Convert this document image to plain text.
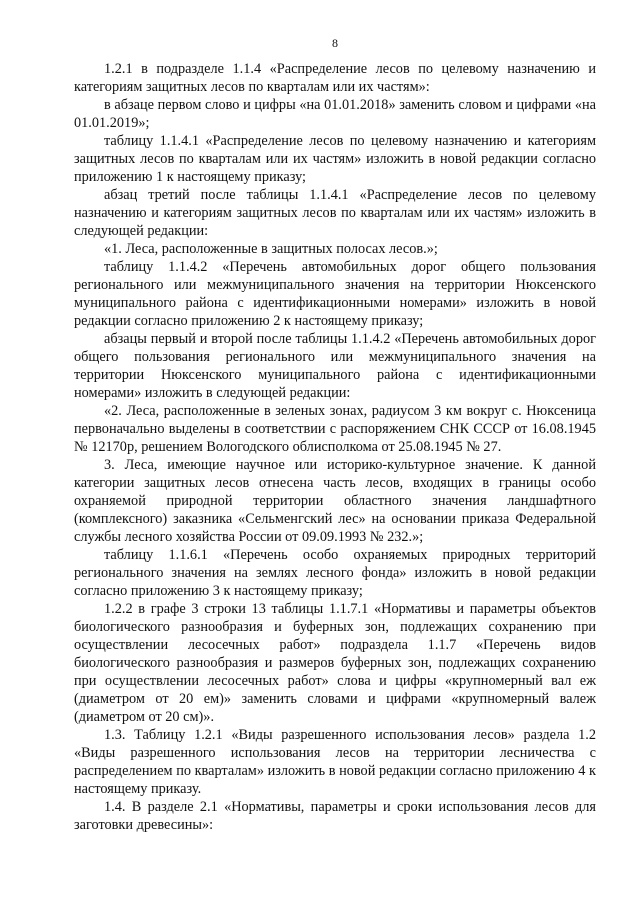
8

1.2.1 в подразделе 1.1.4 «Распределение лесов по целевому назначению и категориям защитных лесов по кварталам или их частям»:

в абзаце первом слово и цифры «на 01.01.2018» заменить словом и цифрами «на 01.01.2019»;

таблицу 1.1.4.1 «Распределение лесов по целевому назначению и категориям защитных лесов по кварталам или их частям» изложить в новой редакции согласно приложению 1 к настоящему приказу;

абзац третий после таблицы 1.1.4.1 «Распределение лесов по целевому назначению и категориям защитных лесов по кварталам или их частям» изложить в следующей редакции:

«1. Леса, расположенные в защитных полосах лесов.»;

таблицу 1.1.4.2 «Перечень автомобильных дорог общего пользования регионального или межмуниципального значения на территории Нюксенского муниципального района с идентификационными номерами» изложить в новой редакции согласно приложению 2 к настоящему приказу;

абзацы первый и второй после таблицы 1.1.4.2 «Перечень автомобильных дорог общего пользования регионального или межмуниципального значения на территории Нюксенского муниципального района с идентификационными номерами» изложить в следующей редакции:

«2. Леса, расположенные в зеленых зонах, радиусом 3 км вокруг с. Нюксеница первоначально выделены в соответствии с распоряжением СНК СССР от 16.08.1945 № 12170р, решением Вологодского облисполкома от 25.08.1945 № 27.

3. Леса, имеющие научное или историко-культурное значение. К данной категории защитных лесов отнесена часть лесов, входящих в границы особо охраняемой природной территории областного значения ландшафтного (комплексного) заказника «Сельменгский лес» на основании приказа Федеральной службы лесного хозяйства России от 09.09.1993 № 232.»;

таблицу 1.1.6.1 «Перечень особо охраняемых природных территорий регионального значения на землях лесного фонда» изложить в новой редакции согласно приложению 3 к настоящему приказу;

1.2.2 в графе 3 строки 13 таблицы 1.1.7.1 «Нормативы и параметры объектов биологического разнообразия и буферных зон, подлежащих сохранению при осуществлении лесосечных работ» подраздела 1.1.7 «Перечень видов биологического разнообразия и размеров буферных зон, подлежащих сохранению при осуществлении лесосечных работ» слова и цифры «крупномерный вал еж (диаметром от 20 ем)» заменить словами и цифрами «крупномерный валеж (диаметром от 20 см)».

1.3. Таблицу 1.2.1 «Виды разрешенного использования лесов» раздела 1.2 «Виды разрешенного использования лесов на территории лесничества с распределением по кварталам» изложить в новой редакции согласно приложению 4 к настоящему приказу.

1.4. В разделе 2.1 «Нормативы, параметры и сроки использования лесов для заготовки древесины»:
